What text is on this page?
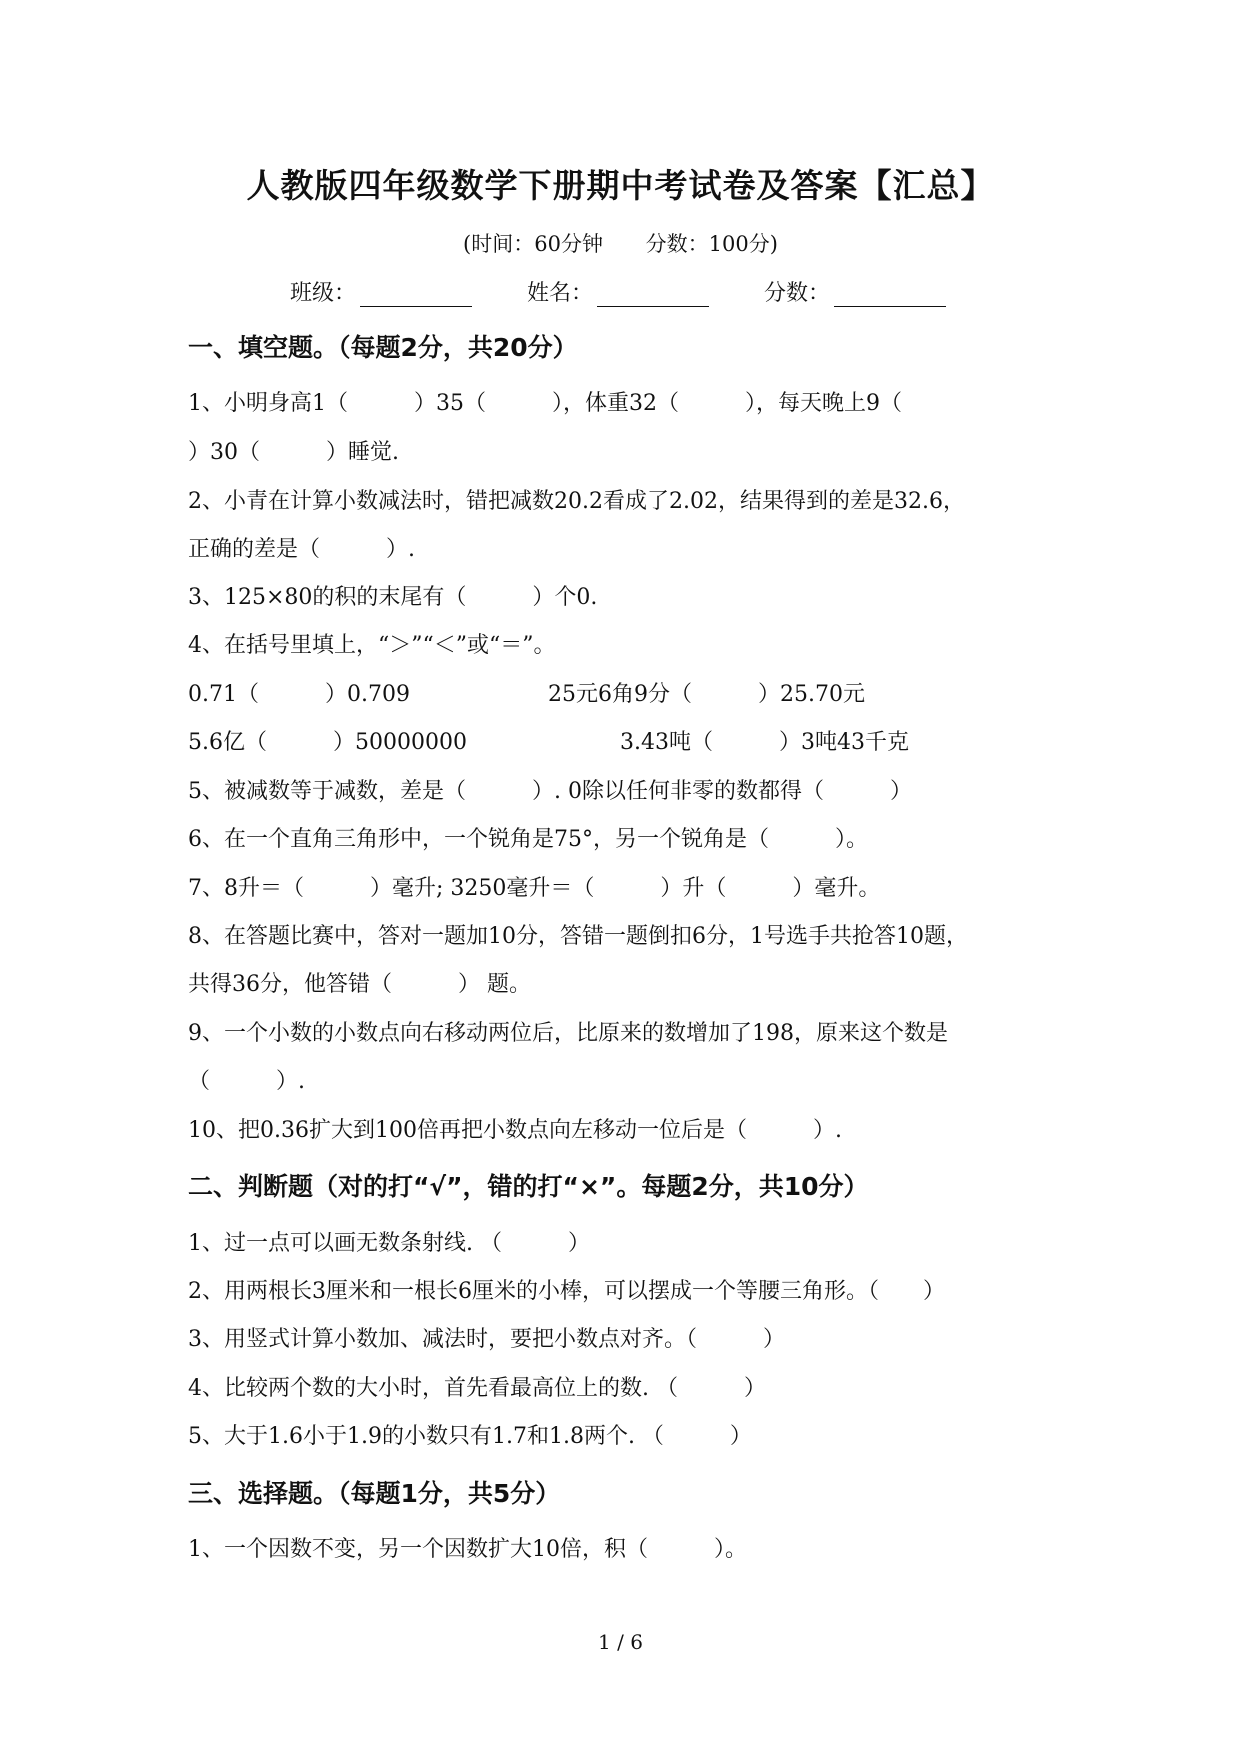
人教版四年级数学下册期中考试卷及答案【汇总】
(时间：60分钟 分数：100分)
班级：	姓名：	分数：
一、填空题。（每题2分，共20分）
1、小明身高1（　　　）35（　　　），体重32（　　　），每天晚上9（
）30（　　　）睡觉.
2、小青在计算小数减法时，错把减数20.2看成了2.02，结果得到的差是32.6，
正确的差是（　　　）.
3、125×80的积的末尾有（　　　）个0.
4、在括号里填上，“＞”“＜”或“＝”。
0.71（　　　）0.709	25元6角9分（　　　）25.70元
5.6亿（　　　）50000000	3.43吨（　　　）3吨43千克
5、被减数等于减数，差是（　　　）. 0除以任何非零的数都得（　　　）
6、在一个直角三角形中，一个锐角是75°，另一个锐角是（　　　）。
7、8升＝（　　　）毫升; 3250毫升＝（　　　）升（　　　）毫升。
8、在答题比赛中，答对一题加10分，答错一题倒扣6分，1号选手共抢答10题，
共得36分，他答错（　　　） 题。
9、一个小数的小数点向右移动两位后，比原来的数增加了198，原来这个数是
（　　　）.
10、把0.36扩大到100倍再把小数点向左移动一位后是（　　　）.
二、判断题（对的打“√”，错的打“×”。每题2分，共10分）
1、过一点可以画无数条射线. （　　　）
2、用两根长3厘米和一根长6厘米的小棒，可以摆成一个等腰三角形。（　　）
3、用竖式计算小数加、减法时，要把小数点对齐。（　　　）
4、比较两个数的大小时，首先看最高位上的数. （　　　）
5、大于1.6小于1.9的小数只有1.7和1.8两个. （　　　）
三、选择题。（每题1分，共5分）
1、一个因数不变，另一个因数扩大10倍，积（　　　）。
1 / 6
